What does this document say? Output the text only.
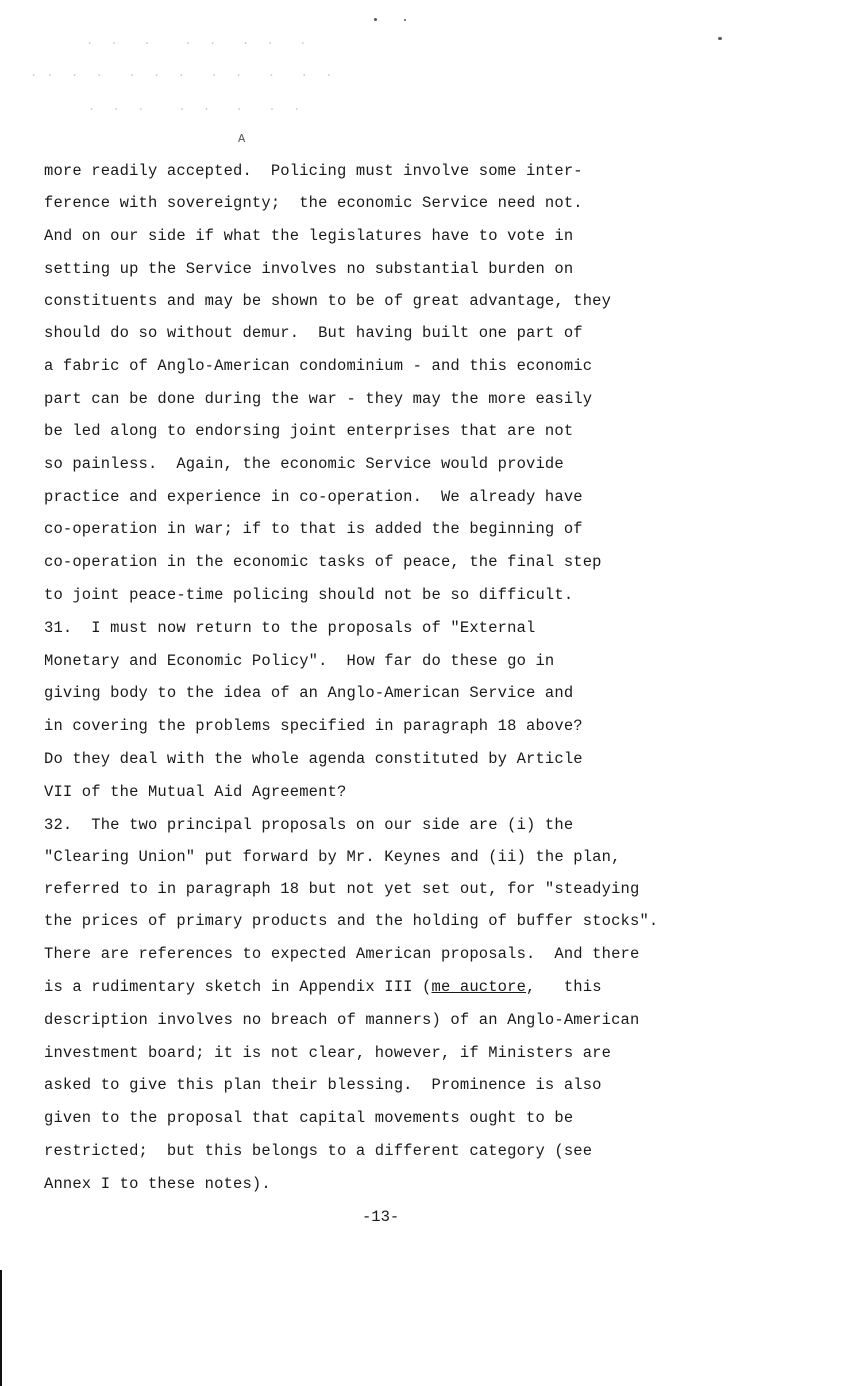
.  .   .    .  .   .  .   .
. .  .  .   .  .  .   .  .   .   .  .
.  .  .    .  .   .   .  .
A
more readily accepted.  Policing must involve some inter-
ference with sovereignty;  the economic Service need not.
And on our side if what the legislatures have to vote in
setting up the Service involves no substantial burden on
constituents and may be shown to be of great advantage, they
should do so without demur.  But having built one part of
a fabric of Anglo-American condominium - and this economic
part can be done during the war - they may the more easily
be led along to endorsing joint enterprises that are not
so painless.  Again, the economic Service would provide
practice and experience in co-operation.  We already have
co-operation in war; if to that is added the beginning of
co-operation in the economic tasks of peace, the final step
to joint peace-time policing should not be so difficult.
31.  I must now return to the proposals of "External
Monetary and Economic Policy".  How far do these go in
giving body to the idea of an Anglo-American Service and
in covering the problems specified in paragraph 18 above?
Do they deal with the whole agenda constituted by Article
VII of the Mutual Aid Agreement?
32.  The two principal proposals on our side are (i) the
"Clearing Union" put forward by Mr. Keynes and (ii) the plan,
referred to in paragraph 18 but not yet set out, for "steadying
the prices of primary products and the holding of buffer stocks".
There are references to expected American proposals.  And there
is a rudimentary sketch in Appendix III (me auctore,   this
description involves no breach of manners) of an Anglo-American
investment board; it is not clear, however, if Ministers are
asked to give this plan their blessing.  Prominence is also
given to the proposal that capital movements ought to be
restricted;  but this belongs to a different category (see
Annex I to these notes).
-13-
